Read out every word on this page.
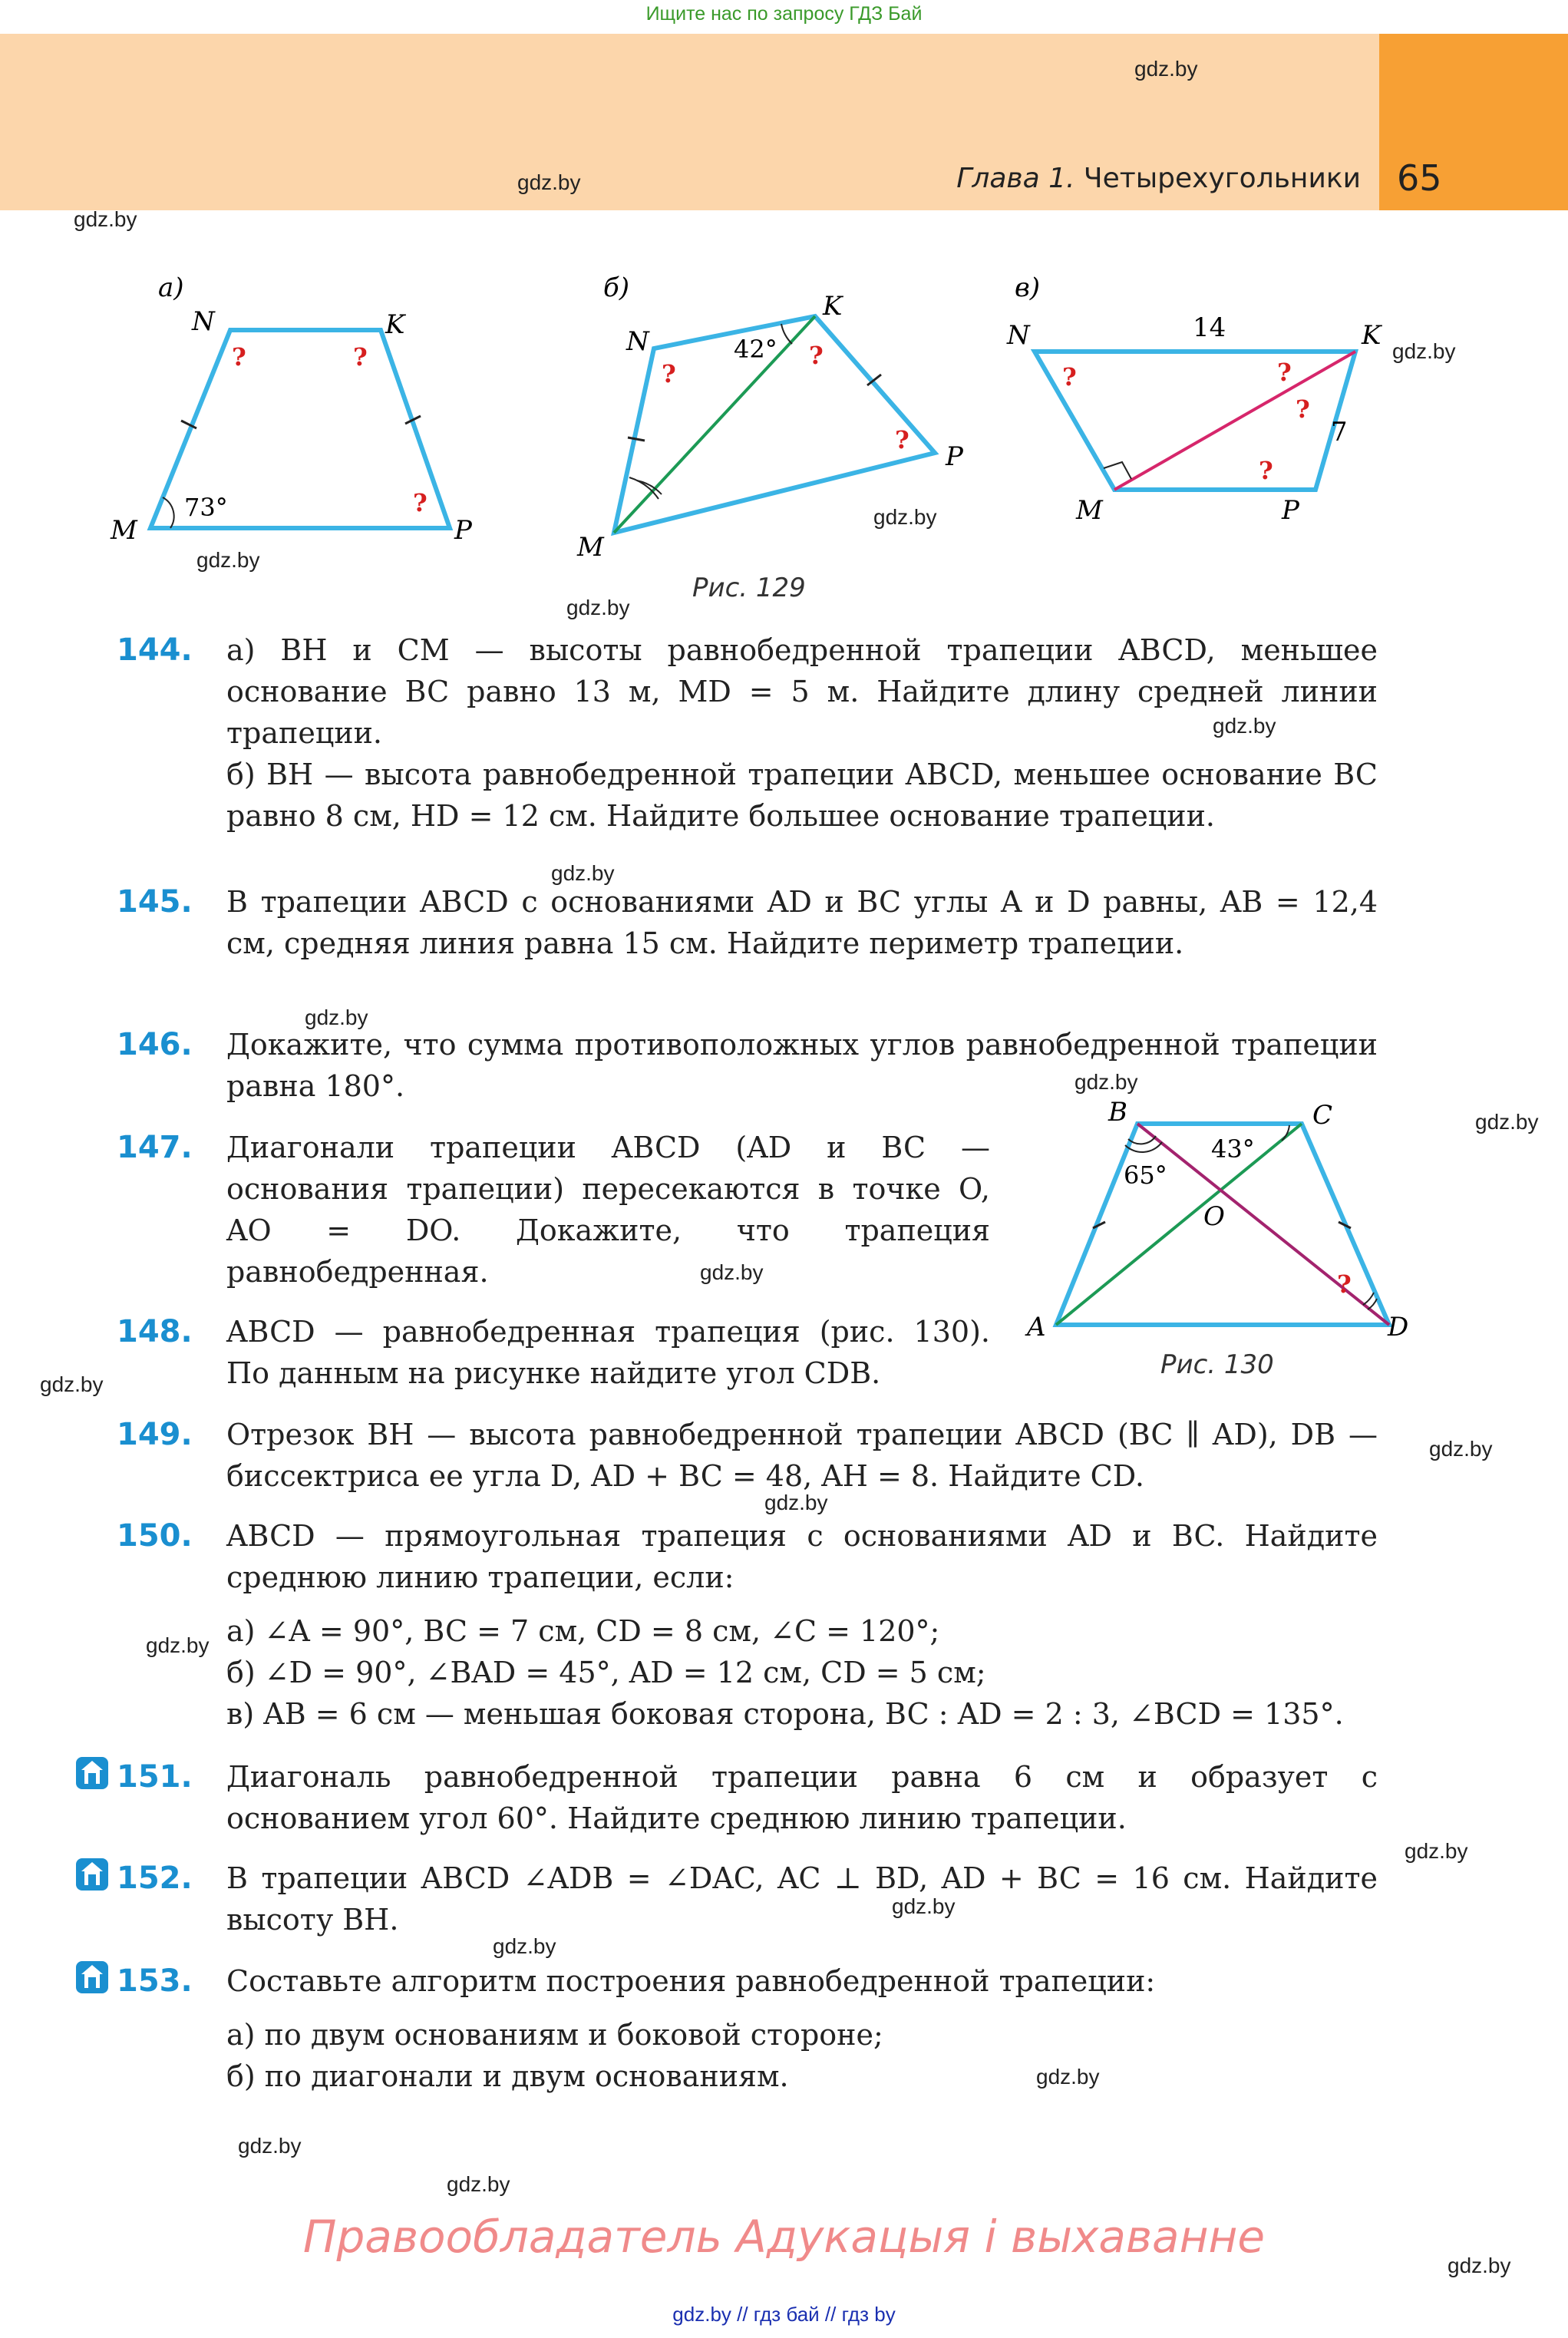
Ищите нас по запросу ГДЗ Бай
65
Глава 1. Четырехугольники
gdz.by
gdz.by
gdz.by
gdz.by
gdz.by
gdz.by
gdz.by
gdz.by
gdz.by
gdz.by
gdz.by
gdz.by
gdz.by
gdz.by
gdz.by
gdz.by
gdz.by
gdz.by
gdz.by
gdz.by
gdz.by
gdz.by
gdz.by
gdz.by
а)
N	K
M	P
73°
?	?
?
б)
N
K
M
P
42°
?
?
?
в)
N	K
M	P
14
7
?	?
?
?
Рис. 129
144. а) BH и CM — высоты равнобедренной трапеции ABCD, меньшее основание BC равно 13 м, MD = 5 м. Найдите длину средней линии трапеции.
б) BH — высота равнобедренной трапеции ABCD, меньшее основание BC равно 8 см, HD = 12 см. Найдите большее основание трапеции.
145. В трапеции ABCD с основаниями AD и BC углы A и D равны, AB = 12,4 см, средняя линия равна 15 см. Найдите периметр трапеции.
146. Докажите, что сумма противоположных углов равнобедренной трапеции равна 180°.
147. Диагонали трапеции ABCD (AD и BC — основания трапеции) пересекаются в точке O, AO = DO. Докажите, что трапеция равнобедренная.
148. ABCD — равнобедренная трапеция (рис. 130). По данным на рисунке найдите угол CDB.
B	C
A	D
O
65°
43°
?
Рис. 130
149. Отрезок BH — высота равнобедренной трапеции ABCD (BC ∥ AD), DB — биссектриса ее угла D, AD + BC = 48, AH = 8. Найдите CD.
150. ABCD — прямоугольная трапеция с основаниями AD и BC. Найдите среднюю линию трапеции, если:
а) ∠A = 90°, BC = 7 см, CD = 8 см, ∠C = 120°;
б) ∠D = 90°, ∠BAD = 45°, AD = 12 см, CD = 5 см;
в) AB = 6 см — меньшая боковая сторона, BC : AD = 2 : 3, ∠BCD = 135°.
151. Диагональ равнобедренной трапеции равна 6 см и образует с основанием угол 60°. Найдите среднюю линию трапеции.
152. В трапеции ABCD ∠ADB = ∠DAC, AC ⊥ BD, AD + BC = 16 см. Найдите высоту BH.
153. Составьте алгоритм построения равнобедренной трапеции:
а) по двум основаниям и боковой стороне;
б) по диагонали и двум основаниям.
Правообладатель Адукацыя і выхаванне
gdz.by // гдз бай // гдз by
